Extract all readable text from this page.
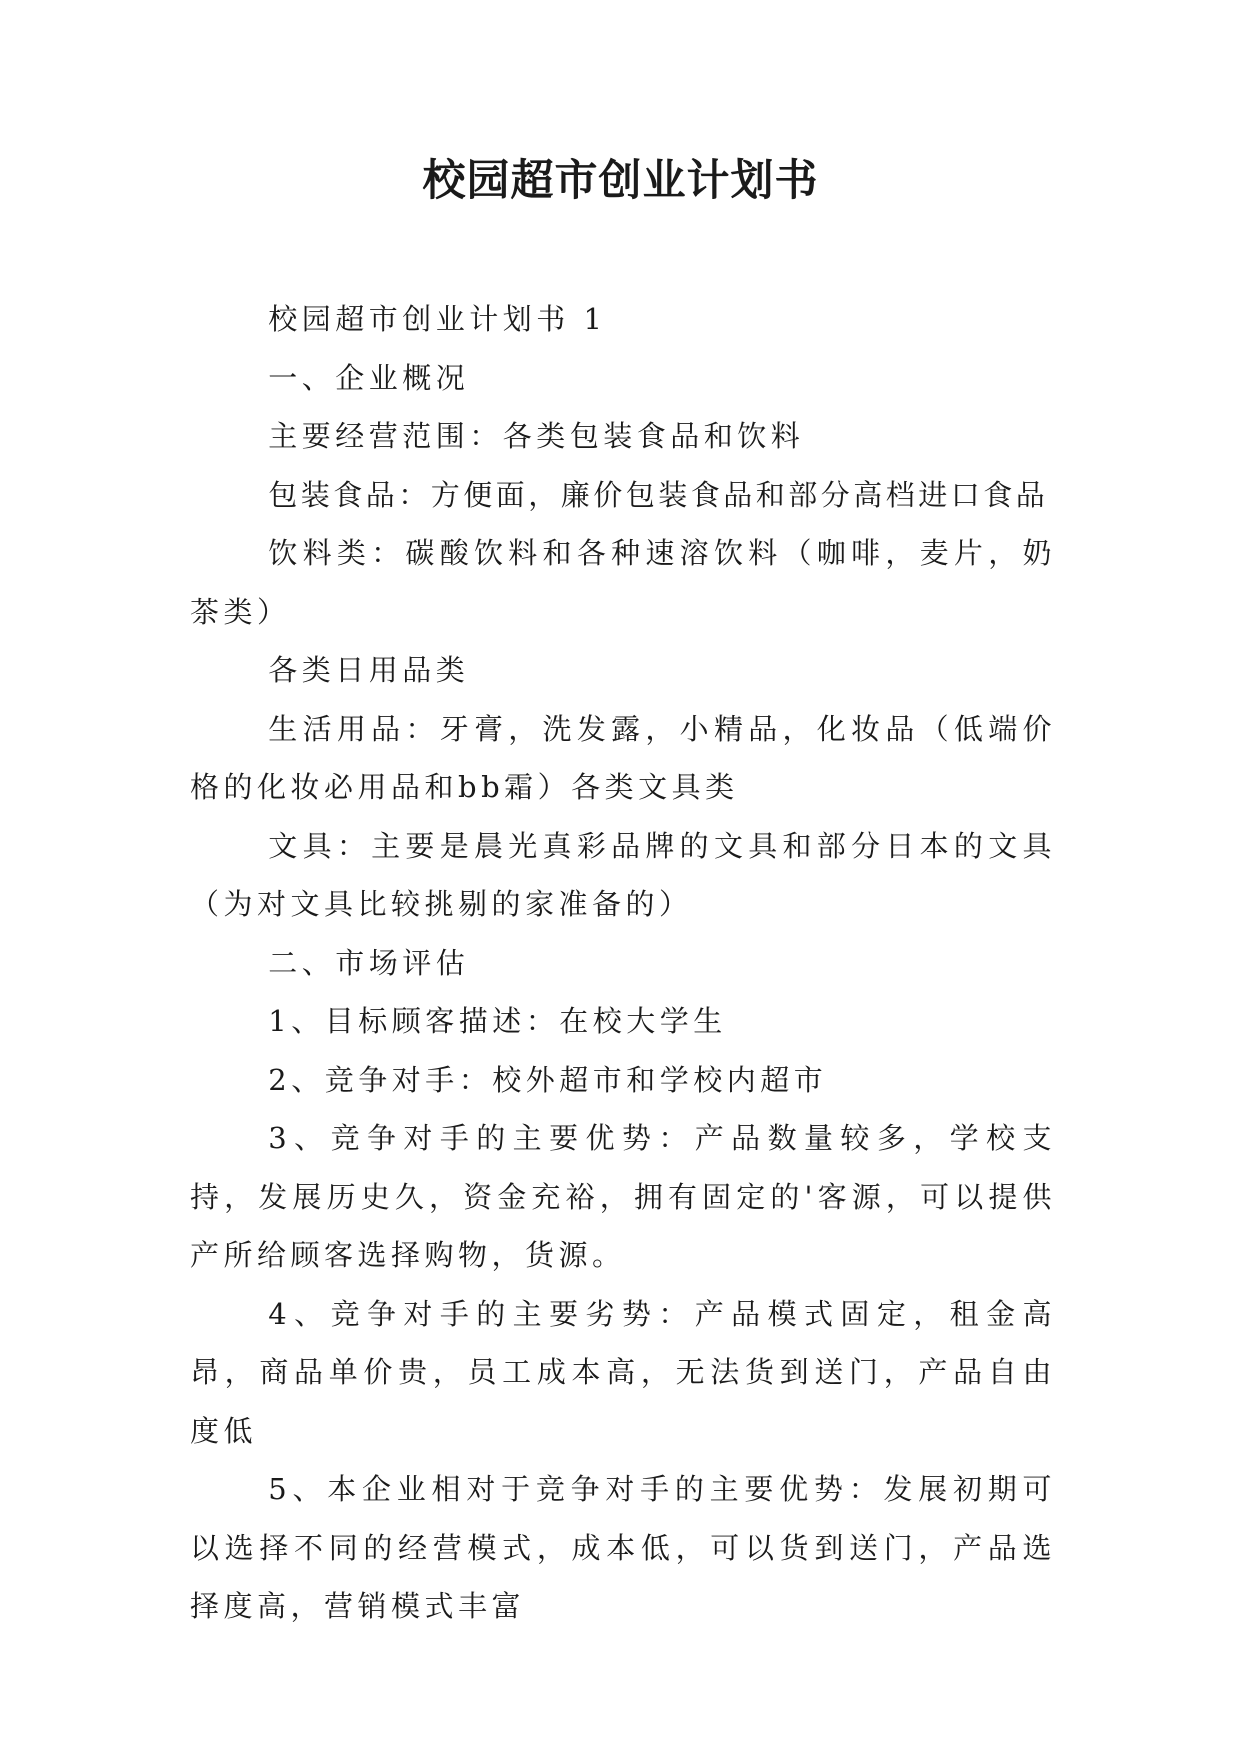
校园超市创业计划书

校园超市创业计划书 1

一、企业概况

主要经营范围：各类包装食品和饮料

包装食品：方便面，廉价包装食品和部分高档进口食品

饮料类：碳酸饮料和各种速溶饮料（咖啡，麦片，奶茶类）

各类日用品类

生活用品：牙膏，洗发露，小精品，化妆品（低端价格的化妆必用品和bb霜）各类文具类

文具：主要是晨光真彩品牌的文具和部分日本的文具（为对文具比较挑剔的家准备的）

二、市场评估

1、目标顾客描述：在校大学生

2、竞争对手：校外超市和学校内超市

3、竞争对手的主要优势：产品数量较多，学校支持，发展历史久，资金充裕，拥有固定的'客源，可以提供产所给顾客选择购物，货源。

4、竞争对手的主要劣势：产品模式固定，租金高昂，商品单价贵，员工成本高，无法货到送门，产品自由度低

5、本企业相对于竞争对手的主要优势：发展初期可以选择不同的经营模式，成本低，可以货到送门，产品选择度高，营销模式丰富
